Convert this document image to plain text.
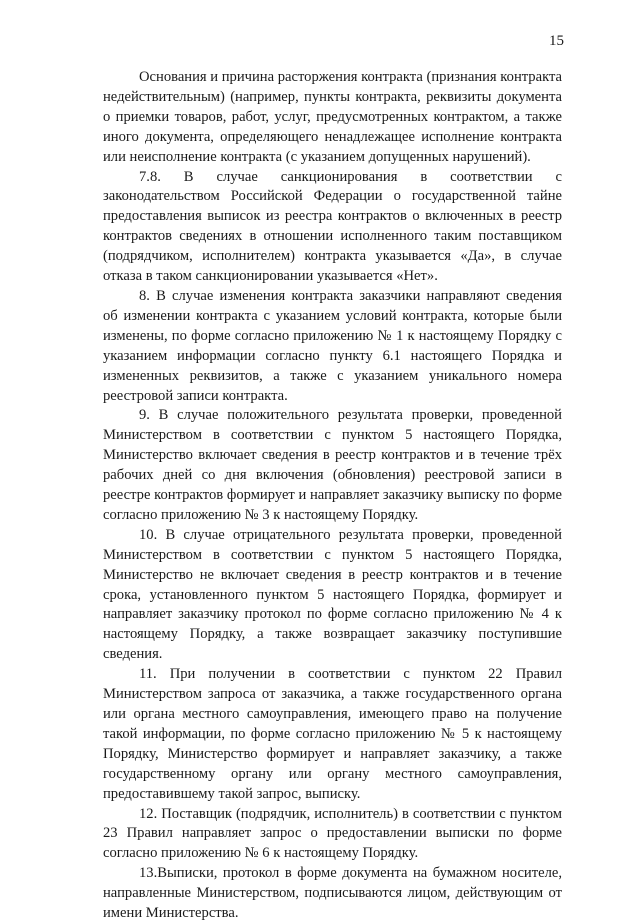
15

Основания и причина расторжения контракта (признания контракта недействительным) (например, пункты контракта, реквизиты документа о приемки товаров, работ, услуг, предусмотренных контрактом, а также иного документа, определяющего ненадлежащее исполнение контракта или неисполнение контракта (с указанием допущенных нарушений).

7.8. В случае санкционирования в соответствии с законодательством Российской Федерации о государственной тайне предоставления выписок из реестра контрактов о включенных в реестр контрактов сведениях в отношении исполненного таким поставщиком (подрядчиком, исполнителем) контракта указывается «Да», в случае отказа в таком санкционировании указывается «Нет».

8. В случае изменения контракта заказчики направляют сведения об изменении контракта с указанием условий контракта, которые были изменены, по форме согласно приложению № 1 к настоящему Порядку с указанием информации согласно пункту 6.1 настоящего Порядка и измененных реквизитов, а также с указанием уникального номера реестровой записи контракта.

9. В случае положительного результата проверки, проведенной Министерством в соответствии с пунктом 5 настоящего Порядка, Министерство включает сведения в реестр контрактов и в течение трёх рабочих дней со дня включения (обновления) реестровой записи в реестре контрактов формирует и направляет заказчику выписку по форме согласно приложению № 3 к настоящему Порядку.

10. В случае отрицательного результата проверки, проведенной Министерством в соответствии с пунктом 5 настоящего Порядка, Министерство не включает сведения в реестр контрактов и в течение срока, установленного пунктом 5 настоящего Порядка, формирует и направляет заказчику протокол по форме согласно приложению № 4 к настоящему Порядку, а также возвращает заказчику поступившие сведения.

11. При получении в соответствии с пунктом 22 Правил Министерством запроса от заказчика, а также государственного органа или органа местного самоуправления, имеющего право на получение такой информации, по форме согласно приложению № 5 к настоящему Порядку, Министерство формирует и направляет заказчику, а также государственному органу или органу местного самоуправления, предоставившему такой запрос, выписку.

12. Поставщик (подрядчик, исполнитель) в соответствии с пунктом 23 Правил направляет запрос о предоставлении выписки по форме согласно приложению № 6 к настоящему Порядку.

13.Выписки, протокол в форме документа на бумажном носителе, направленные Министерством, подписываются лицом, действующим от имени Министерства.
